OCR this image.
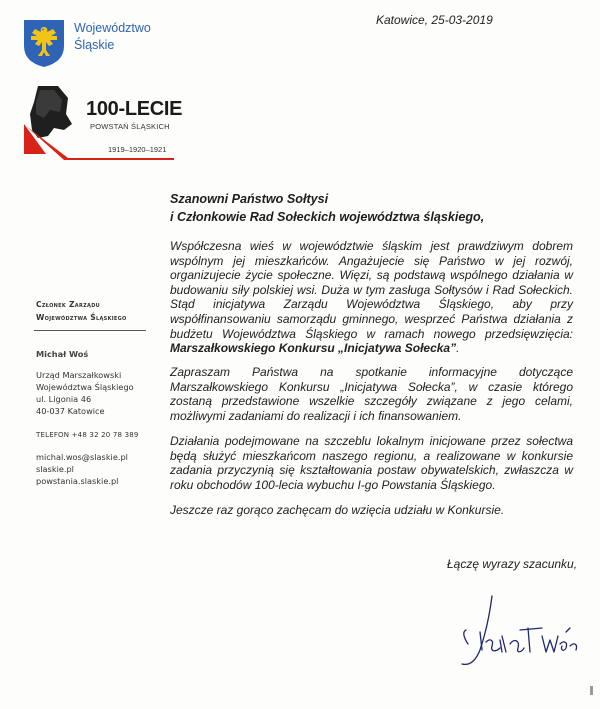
Województwo
Śląskie
Katowice, 25-03-2019
100-LECIE
POWSTAŃ ŚLĄSKICH
1919–1920–1921
Członek Zarządu
Województwa Śląskiego
Michał Woś
Urząd Marszałkowski
Województwa Śląskiego
ul. Ligonia 46
40-037 Katowice
TELEFON +48 32 20 78 389
michal.wos@slaskie.pl
slaskie.pl
powstania.slaskie.pl
Szanowni Państwo Sołtysi
i Członkowie Rad Sołeckich województwa śląskiego,
Współczesna wieś w województwie śląskim jest prawdziwym dobrem wspólnym jej mieszkańców. Angażujecie się Państwo w jej rozwój, organizujecie życie społeczne. Więzi, są podstawą wspólnego działania w budowaniu siły polskiej wsi. Duża w tym zasługa Sołtysów i Rad Sołeckich. Stąd inicjatywa Zarządu Województwa Śląskiego, aby przy współfinansowaniu samorządu gminnego, wesprzeć Państwa działania z budżetu Województwa Śląskiego w ramach nowego przedsięwzięcia: Marszałkowskiego Konkursu „Inicjatywa Sołecka”.
Zapraszam Państwa na spotkanie informacyjne dotyczące Marszałkowskiego Konkursu „Inicjatywa Sołecka”, w czasie którego zostaną przedstawione wszelkie szczegóły związane z jego celami, możliwymi zadaniami do realizacji i ich finansowaniem.
Działania podejmowane na szczeblu lokalnym inicjowane przez sołectwa będą służyć mieszkańcom naszego regionu, a realizowane w konkursie zadania przyczynią się kształtowania postaw obywatelskich, zwłaszcza w roku obchodów 100-lecia wybuchu I-go Powstania Śląskiego.
Jeszcze raz gorąco zachęcam do wzięcia udziału w Konkursie.
Łączę wyrazy szacunku,
